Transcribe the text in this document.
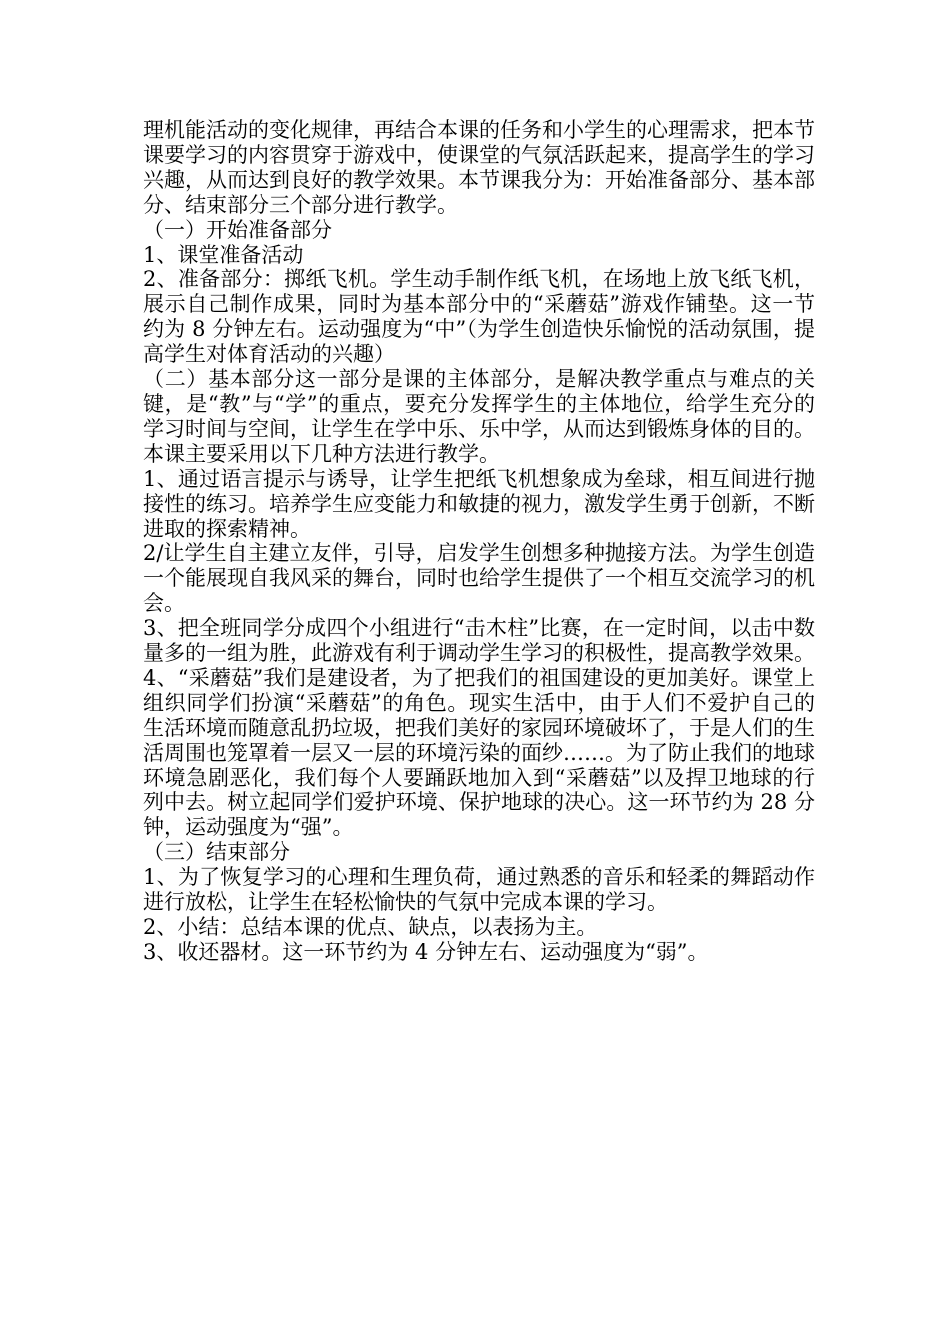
理机能活动的变化规律，再结合本课的任务和小学生的心理需求，把本节课要学习的内容贯穿于游戏中，使课堂的气氛活跃起来，提高学生的学习兴趣，从而达到良好的教学效果。本节课我分为：开始准备部分、基本部分、结束部分三个部分进行教学。

（一）开始准备部分

1、课堂准备活动

2、准备部分：掷纸飞机。学生动手制作纸飞机，在场地上放飞纸飞机，展示自己制作成果，同时为基本部分中的“采蘑菇”游戏作铺垫。这一节约为 8 分钟左右。运动强度为“中”（为学生创造快乐愉悦的活动氛围，提高学生对体育活动的兴趣）

（二）基本部分这一部分是课的主体部分，是解决教学重点与难点的关键，是“教”与“学”的重点，要充分发挥学生的主体地位，给学生充分的学习时间与空间，让学生在学中乐、乐中学，从而达到锻炼身体的目的。本课主要采用以下几种方法进行教学。

1、通过语言提示与诱导，让学生把纸飞机想象成为垒球，相互间进行抛接性的练习。培养学生应变能力和敏捷的视力，激发学生勇于创新，不断进取的探索精神。

2/让学生自主建立友伴，引导，启发学生创想多种抛接方法。为学生创造一个能展现自我风采的舞台，同时也给学生提供了一个相互交流学习的机会。

3、把全班同学分成四个小组进行“击木柱”比赛，在一定时间，以击中数量多的一组为胜，此游戏有利于调动学生学习的积极性，提高教学效果。

4、“采蘑菇”我们是建设者，为了把我们的祖国建设的更加美好。课堂上组织同学们扮演“采蘑菇”的角色。现实生活中，由于人们不爱护自己的生活环境而随意乱扔垃圾，把我们美好的家园环境破坏了，于是人们的生活周围也笼罩着一层又一层的环境污染的面纱……。为了防止我们的地球环境急剧恶化，我们每个人要踊跃地加入到“采蘑菇”以及捍卫地球的行列中去。树立起同学们爱护环境、保护地球的决心。这一环节约为 28 分钟，运动强度为“强”。

（三）结束部分

1、为了恢复学习的心理和生理负荷，通过熟悉的音乐和轻柔的舞蹈动作进行放松，让学生在轻松愉快的气氛中完成本课的学习。

2、小结：总结本课的优点、缺点，以表扬为主。

3、收还器材。这一环节约为 4 分钟左右、运动强度为“弱”。
